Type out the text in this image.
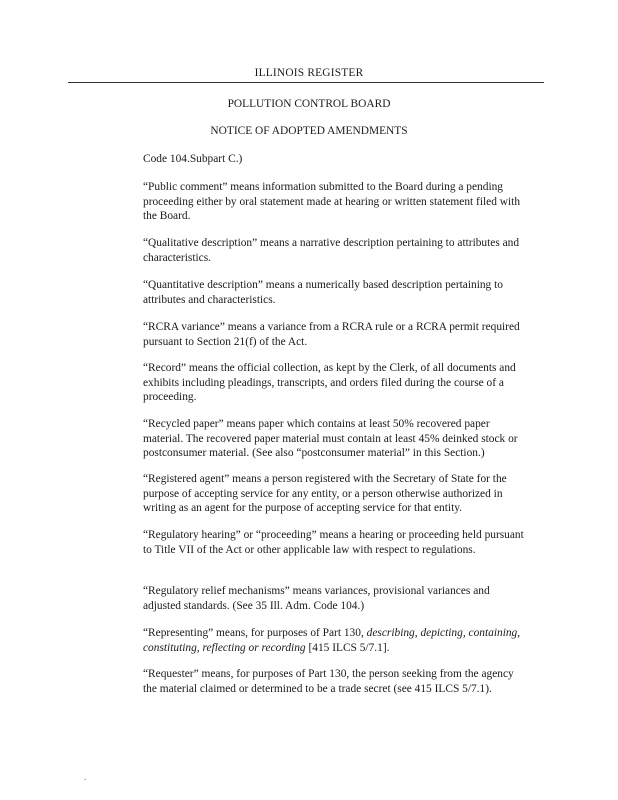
ILLINOIS REGISTER
POLLUTION CONTROL BOARD
NOTICE OF ADOPTED AMENDMENTS
Code 104.Subpart C.)

“Public comment” means information submitted to the Board during a pending proceeding either by oral statement made at hearing or written statement filed with the Board.

“Qualitative description” means a narrative description pertaining to attributes and characteristics.

“Quantitative description” means a numerically based description pertaining to attributes and characteristics.

“RCRA variance” means a variance from a RCRA rule or a RCRA permit required pursuant to Section 21(f) of the Act.

“Record” means the official collection, as kept by the Clerk, of all documents and exhibits including pleadings, transcripts, and orders filed during the course of a proceeding.

“Recycled paper” means paper which contains at least 50% recovered paper material. The recovered paper material must contain at least 45% deinked stock or postconsumer material. (See also “postconsumer material” in this Section.)

“Registered agent” means a person registered with the Secretary of State for the purpose of accepting service for any entity, or a person otherwise authorized in writing as an agent for the purpose of accepting service for that entity.

“Regulatory hearing” or “proceeding” means a hearing or proceeding held pursuant to Title VII of the Act or other applicable law with respect to regulations.

“Regulatory relief mechanisms” means variances, provisional variances and adjusted standards. (See 35 Ill. Adm. Code 104.)

“Representing” means, for purposes of Part 130, describing, depicting, containing, constituting, reflecting or recording [415 ILCS 5/7.1].

“Requester” means, for purposes of Part 130, the person seeking from the agency the material claimed or determined to be a trade secret (see 415 ILCS 5/7.1).

.
